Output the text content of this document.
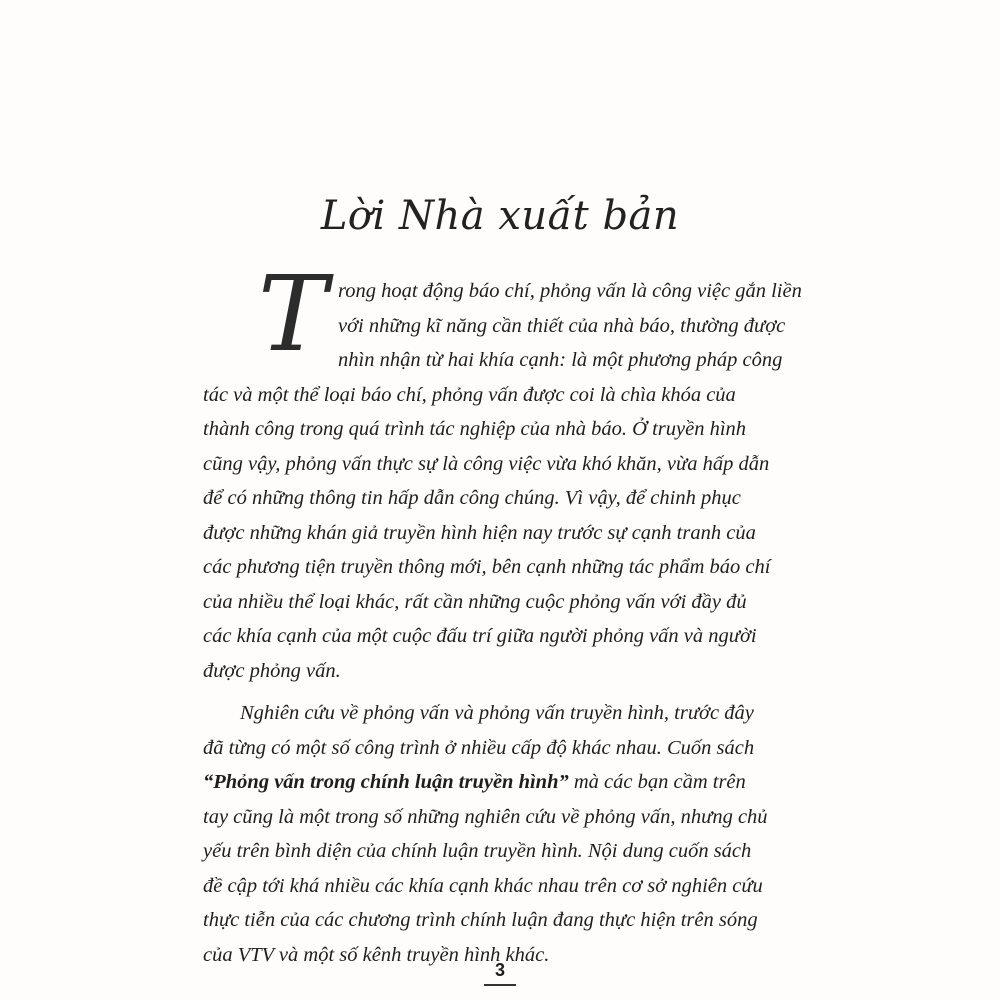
Lời Nhà xuất bản
T rong hoạt động báo chí, phỏng vấn là công việc gắn liền
với những kĩ năng cần thiết của nhà báo, thường được
nhìn nhận từ hai khía cạnh: là một phương pháp công
tác và một thể loại báo chí, phỏng vấn được coi là chìa khóa của
thành công trong quá trình tác nghiệp của nhà báo. Ở truyền hình
cũng vậy, phỏng vấn thực sự là công việc vừa khó khăn, vừa hấp dẫn
để có những thông tin hấp dẫn công chúng. Vì vậy, để chinh phục
được những khán giả truyền hình hiện nay trước sự cạnh tranh của
các phương tiện truyền thông mới, bên cạnh những tác phẩm báo chí
của nhiều thể loại khác, rất cần những cuộc phỏng vấn với đầy đủ
các khía cạnh của một cuộc đấu trí giữa người phỏng vấn và người
được phỏng vấn.
Nghiên cứu về phỏng vấn và phỏng vấn truyền hình, trước đây
đã từng có một số công trình ở nhiều cấp độ khác nhau. Cuốn sách
“Phỏng vấn trong chính luận truyền hình” mà các bạn cầm trên
tay cũng là một trong số những nghiên cứu về phỏng vấn, nhưng chủ
yếu trên bình diện của chính luận truyền hình. Nội dung cuốn sách
đề cập tới khá nhiều các khía cạnh khác nhau trên cơ sở nghiên cứu
thực tiễn của các chương trình chính luận đang thực hiện trên sóng
của VTV và một số kênh truyền hình khác.
3
